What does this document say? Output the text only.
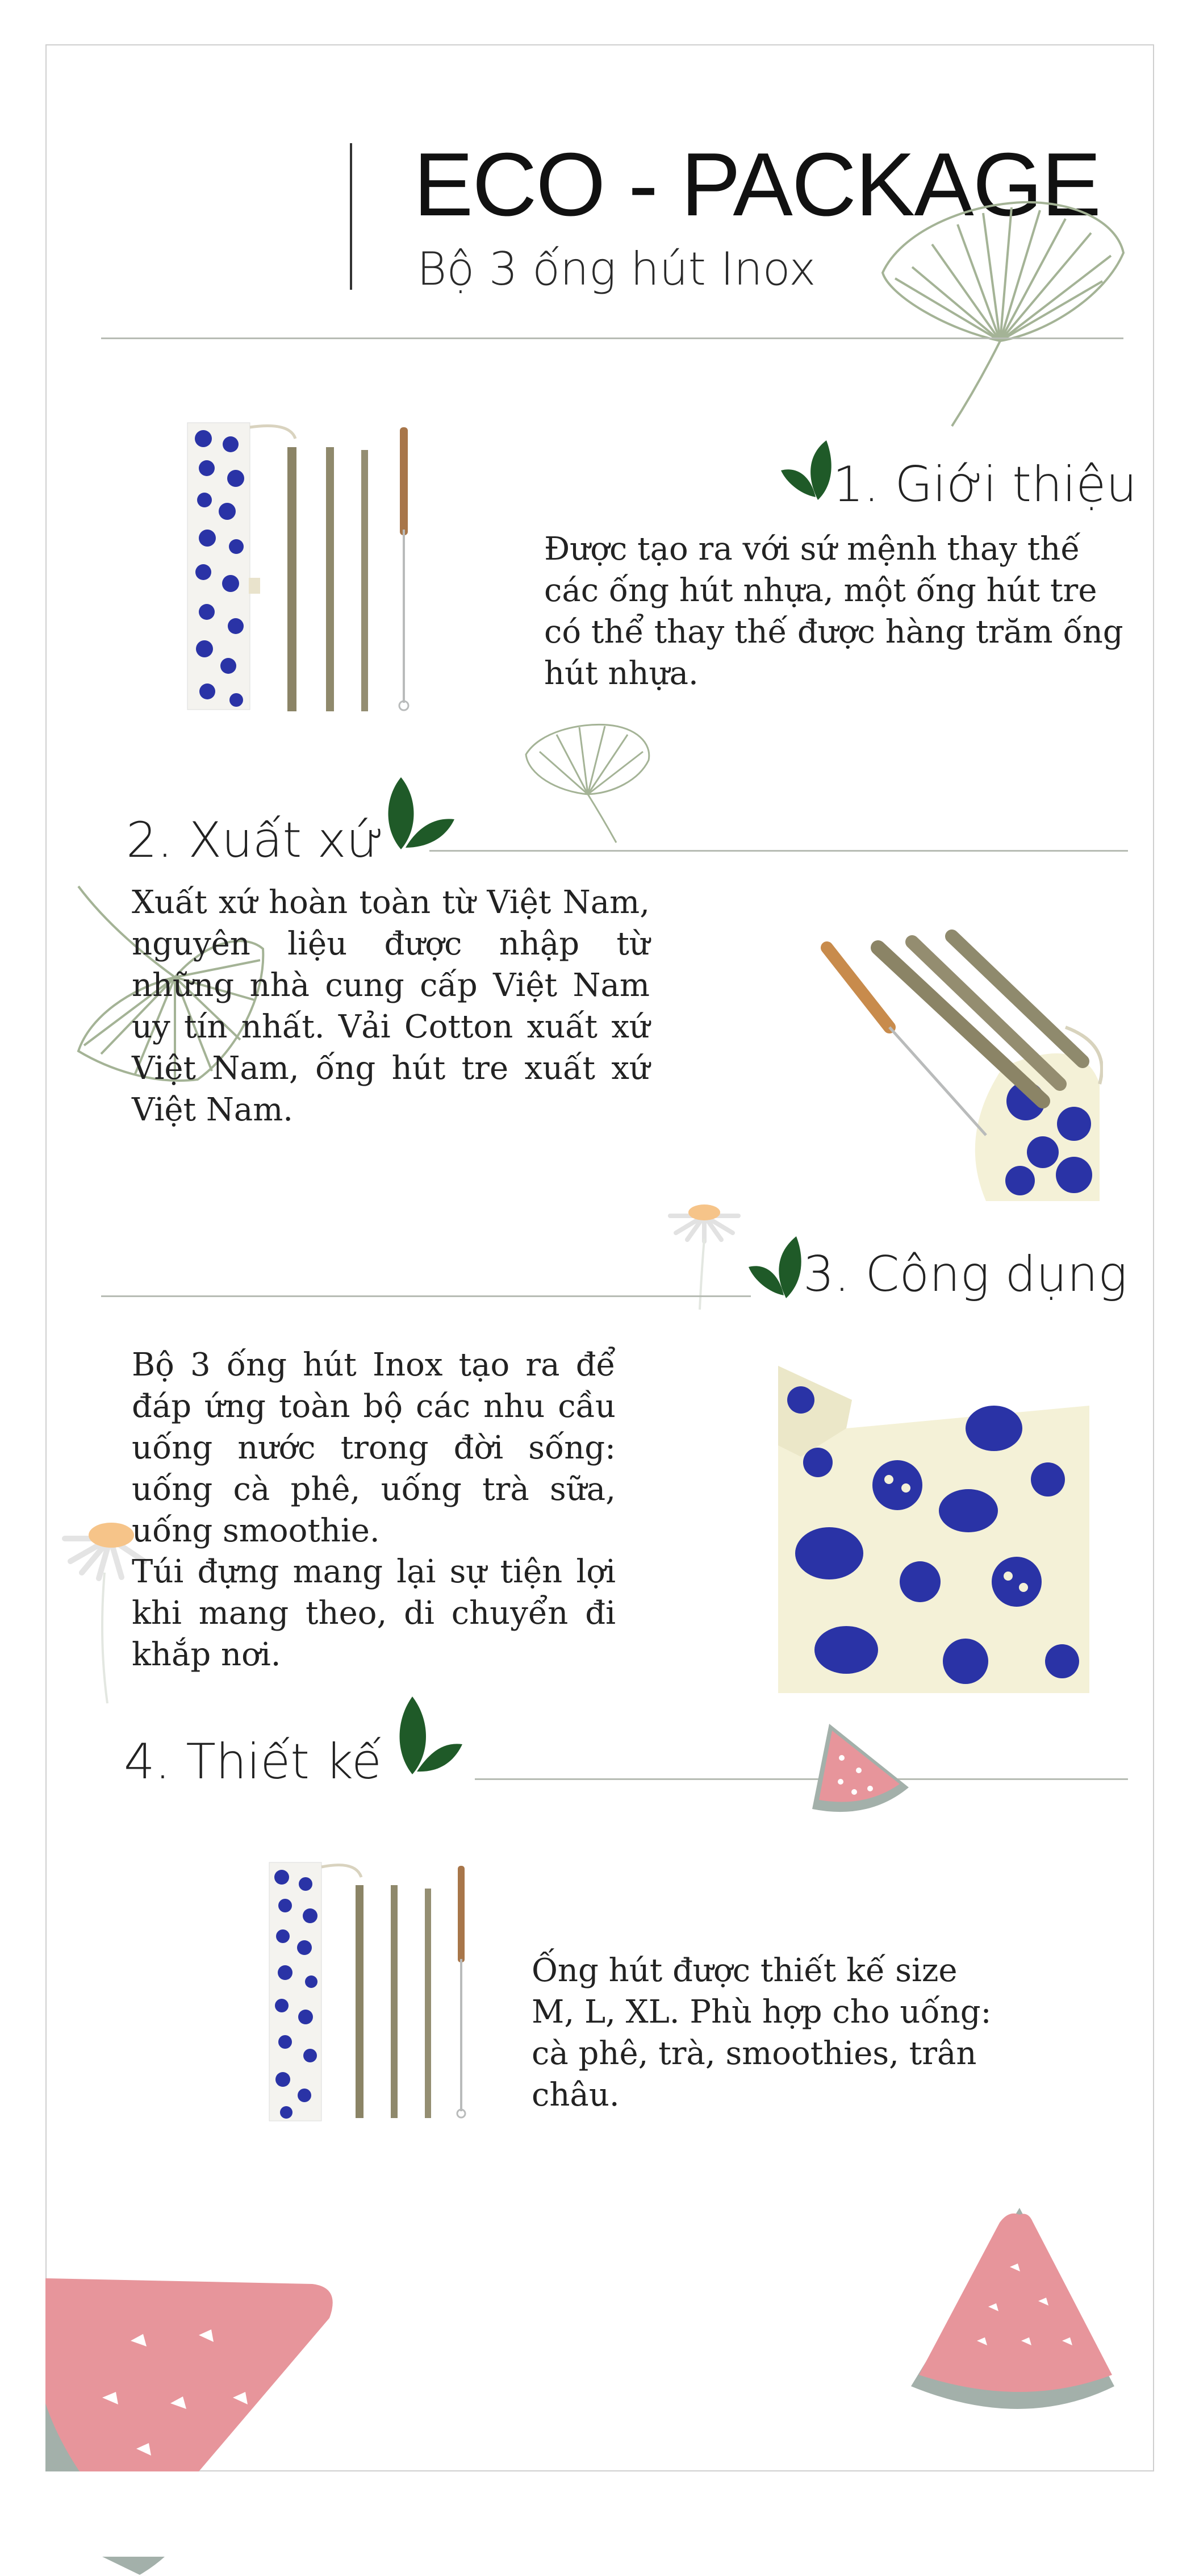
ECO - PACKAGE
Bộ 3 ống hút Inox
1. Giới thiệu
Được tạo ra với sứ mệnh thay thế các ống hút nhựa, một ống hút tre có thể thay thế được hàng trăm ống hút nhựa.
2. Xuất xứ
Xuất xứ hoàn toàn từ Việt Nam, nguyên liệu được nhập từ những nhà cung cấp Việt Nam uy tín nhất. Vải Cotton xuất xứ Việt Nam, ống hút tre xuất xứ Việt Nam.
3. Công dụng
Bộ 3 ống hút Inox tạo ra để đáp ứng toàn bộ các nhu cầu uống nước trong đời sống: uống cà phê, uống trà sữa, uống smoothie.
Túi đựng mang lại sự tiện lợi khi mang theo, di chuyển đi khắp nơi.
4. Thiết kế
Ống hút được thiết kế size M, L, XL. Phù hợp cho uống: cà phê, trà, smoothies, trân châu.
